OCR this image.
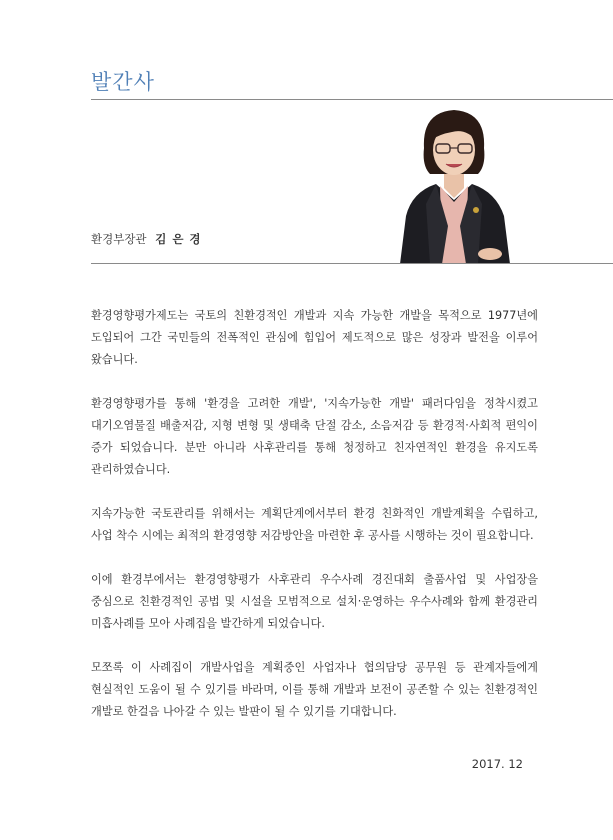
발간사
환경부장관 김 은 경

환경영향평가제도는 국토의 친환경적인 개발과 지속 가능한 개발을 목적으로 1977년에 도입되어 그간 국민들의 전폭적인 관심에 힘입어 제도적으로 많은 성장과 발전을 이루어 왔습니다.

환경영향평가를 통해 '환경을 고려한 개발', '지속가능한 개발' 패러다임을 정착시켰고 대기오염물질 배출저감, 지형 변형 및 생태축 단절 감소, 소음저감 등 환경적·사회적 편익이 증가 되었습니다. 분만 아니라 사후관리를 통해 청정하고 친자연적인 환경을 유지도록 관리하였습니다.

지속가능한 국토관리를 위해서는 계획단계에서부터 환경 친화적인 개발계획을 수립하고, 사업 착수 시에는 최적의 환경영향 저감방안을 마련한 후 공사를 시행하는 것이 필요합니다.

이에 환경부에서는 환경영향평가 사후관리 우수사례 경진대회 출품사업 및 사업장을 중심으로 친환경적인 공법 및 시설을 모범적으로 설치·운영하는 우수사례와 함께 환경관리 미흡사례를 모아 사례집을 발간하게 되었습니다.

모쪼록 이 사례집이 개발사업을 계획중인 사업자나 협의담당 공무원 등 관계자들에게 현실적인 도움이 될 수 있기를 바라며, 이를 통해 개발과 보전이 공존할 수 있는 친환경적인 개발로 한걸음 나아갈 수 있는 발판이 될 수 있기를 기대합니다.

2017. 12
